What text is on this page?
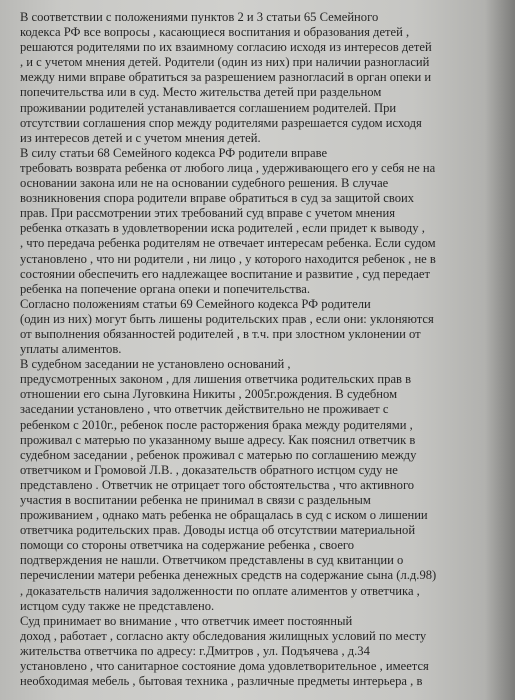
В соответствии с положениями пунктов 2 и 3 статьи 65 Семейного
кодекса РФ все вопросы , касающиеся воспитания и образования детей ,
решаются родителями по их взаимному согласию исходя из интересов детей
, и с учетом мнения детей. Родители (один из них) при наличии разногласий
между ними вправе обратиться за разрешением разногласий в орган опеки и
попечительства или в суд. Место жительства детей при раздельном
проживании родителей устанавливается соглашением родителей. При
отсутствии соглашения спор между родителями разрешается судом исходя
из интересов детей и с учетом мнения детей.
В силу статьи 68 Семейного кодекса РФ родители вправе
требовать возврата ребенка от любого лица , удерживающего его у себя не на
основании закона или не на основании судебного решения. В случае
возникновения спора родители вправе обратиться в суд за защитой своих
прав. При рассмотрении этих требований суд вправе с учетом мнения
ребенка отказать в удовлетворении иска родителей , если придет к выводу ,
, что передача ребенка родителям не отвечает интересам ребенка. Если судом
установлено , что ни родители , ни лицо , у которого находится ребенок , не в
состоянии обеспечить его надлежащее воспитание и развитие , суд передает
ребенка на попечение органа опеки и попечительства.
Согласно положениям статьи 69 Семейного кодекса РФ родители
(один из них) могут быть лишены родительских прав , если они: уклоняются
от выполнения обязанностей родителей , в т.ч. при злостном уклонении от
уплаты алиментов.
В судебном заседании не установлено оснований ,
предусмотренных законом , для лишения ответчика родительских прав в
отношении его сына Луговкина Никиты , 2005г.рождения. В судебном
заседании установлено , что ответчик действительно не проживает с
ребенком с 2010г., ребенок после расторжения брака между родителями ,
проживал с матерью по указанному выше адресу. Как пояснил ответчик в
судебном заседании , ребенок проживал с матерью по соглашению между
ответчиком и Громовой Л.В. , доказательств обратного истцом суду не
представлено . Ответчик не отрицает того обстоятельства , что активного
участия в воспитании ребенка не принимал в связи с раздельным
проживанием , однако мать ребенка не обращалась в суд с иском о лишении
ответчика родительских прав. Доводы истца об отсутствии материальной
помощи со стороны ответчика на содержание ребенка , своего
подтверждения не нашли. Ответчиком представлены в суд квитанции о
перечислении матери ребенка денежных средств на содержание сына (л.д.98)
, доказательств наличия задолженности по оплате алиментов у ответчика ,
истцом суду также не представлено.
Суд принимает во внимание , что ответчик имеет постоянный
доход , работает , согласно акту обследования жилищных условий по месту
жительства ответчика по адресу: г.Дмитров , ул. Подъячева , д.34
установлено , что санитарное состояние дома удовлетворительное , имеется
необходимая мебель , бытовая техника , различные предметы интерьера , в
